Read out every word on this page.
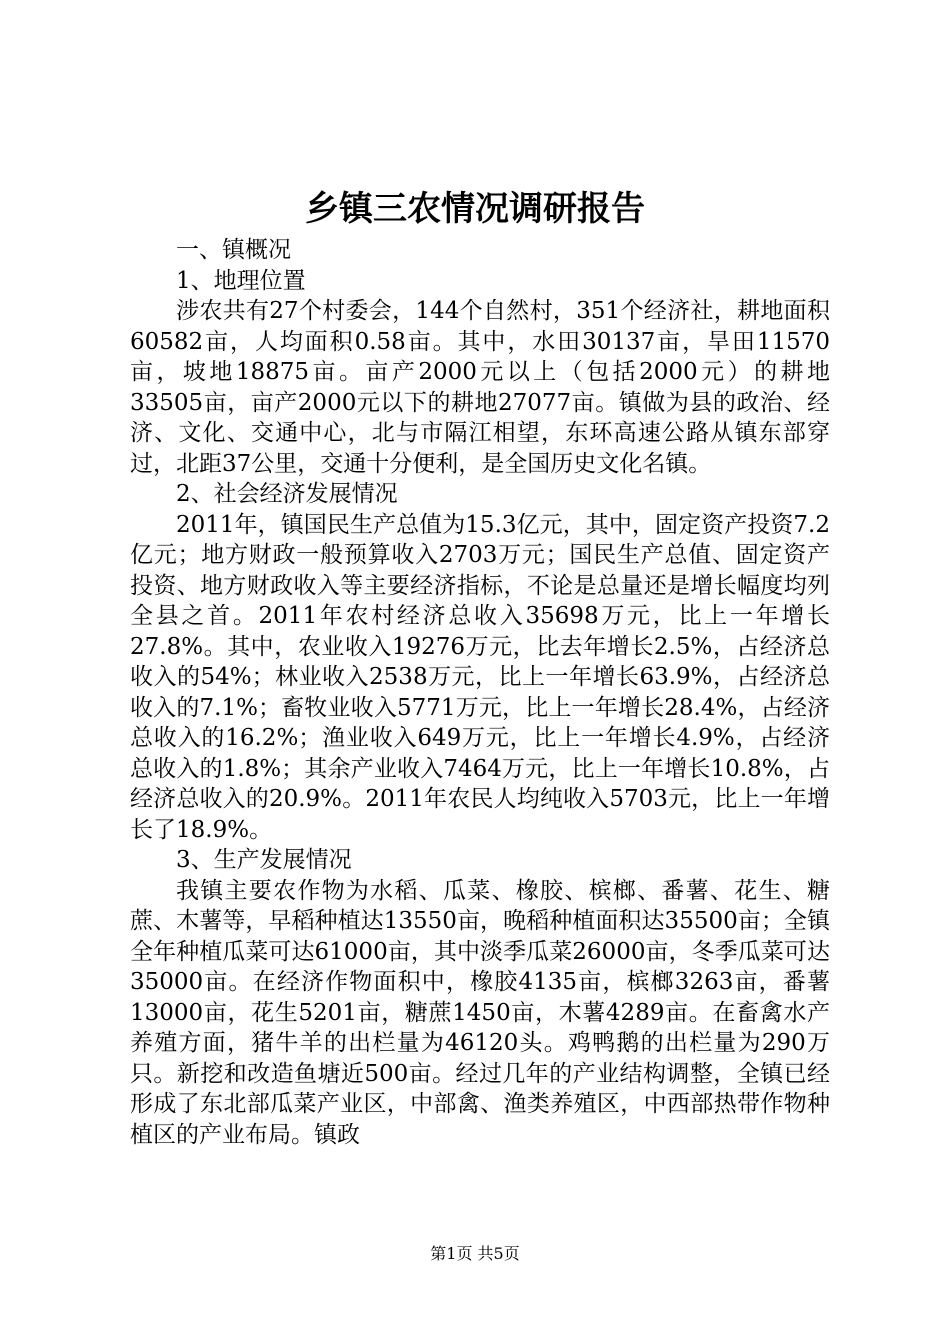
乡镇三农情况调研报告

一、镇概况

1、地理位置

涉农共有27个村委会，144个自然村，351个经济社，耕地面积60582亩，人均面积0.58亩。其中，水田30137亩，旱田11570亩，坡地18875亩。亩产2000元以上（包括2000元）的耕地33505亩，亩产2000元以下的耕地27077亩。镇做为县的政治、经济、文化、交通中心，北与市隔江相望，东环高速公路从镇东部穿过，北距37公里，交通十分便利，是全国历史文化名镇。

2、社会经济发展情况

2011年，镇国民生产总值为15.3亿元，其中，固定资产投资7.2亿元；地方财政一般预算收入2703万元；国民生产总值、固定资产投资、地方财政收入等主要经济指标，不论是总量还是增长幅度均列全县之首。2011年农村经济总收入35698万元，比上一年增长27.8%。其中，农业收入19276万元，比去年增长2.5%，占经济总收入的54%；林业收入2538万元，比上一年增长63.9%，占经济总收入的7.1%；畜牧业收入5771万元，比上一年增长28.4%，占经济总收入的16.2%；渔业收入649万元，比上一年增长4.9%，占经济总收入的1.8%；其余产业收入7464万元，比上一年增长10.8%，占经济总收入的20.9%。2011年农民人均纯收入5703元，比上一年增长了18.9%。

3、生产发展情况

我镇主要农作物为水稻、瓜菜、橡胶、槟榔、番薯、花生、糖蔗、木薯等，早稻种植达13550亩，晚稻种植面积达35500亩；全镇全年种植瓜菜可达61000亩，其中淡季瓜菜26000亩，冬季瓜菜可达35000亩。在经济作物面积中，橡胶4135亩，槟榔3263亩，番薯13000亩，花生5201亩，糖蔗1450亩，木薯4289亩。在畜禽水产养殖方面，猪牛羊的出栏量为46120头。鸡鸭鹅的出栏量为290万只。新挖和改造鱼塘近500亩。经过几年的产业结构调整，全镇已经形成了东北部瓜菜产业区，中部禽、渔类养殖区，中西部热带作物种植区的产业布局。镇政

第1页 共5页
